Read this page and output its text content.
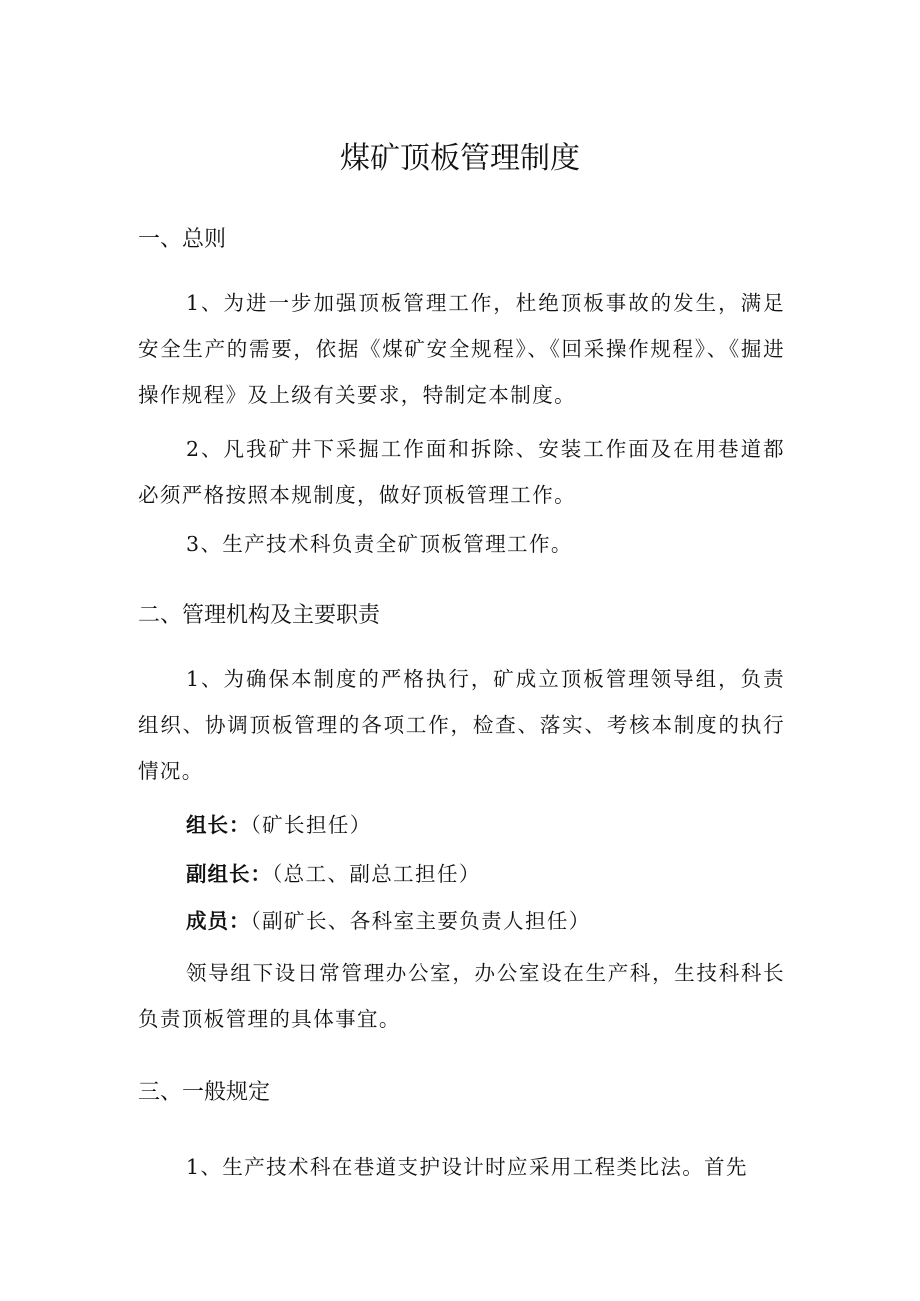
煤矿顶板管理制度
一、总则

1、为进一步加强顶板管理工作，杜绝顶板事故的发生，满足安全生产的需要，依据《煤矿安全规程》、《回采操作规程》、《掘进操作规程》及上级有关要求，特制定本制度。

2、凡我矿井下采掘工作面和拆除、安装工作面及在用巷道都必须严格按照本规制度，做好顶板管理工作。

3、生产技术科负责全矿顶板管理工作。

二、管理机构及主要职责

1、为确保本制度的严格执行，矿成立顶板管理领导组，负责组织、协调顶板管理的各项工作，检查、落实、考核本制度的执行情况。

组长：（矿长担任）

副组长：（总工、副总工担任）

成员：（副矿长、各科室主要负责人担任）

领导组下设日常管理办公室，办公室设在生产科，生技科科长负责顶板管理的具体事宜。

三、一般规定

1、生产技术科在巷道支护设计时应采用工程类比法。首先
